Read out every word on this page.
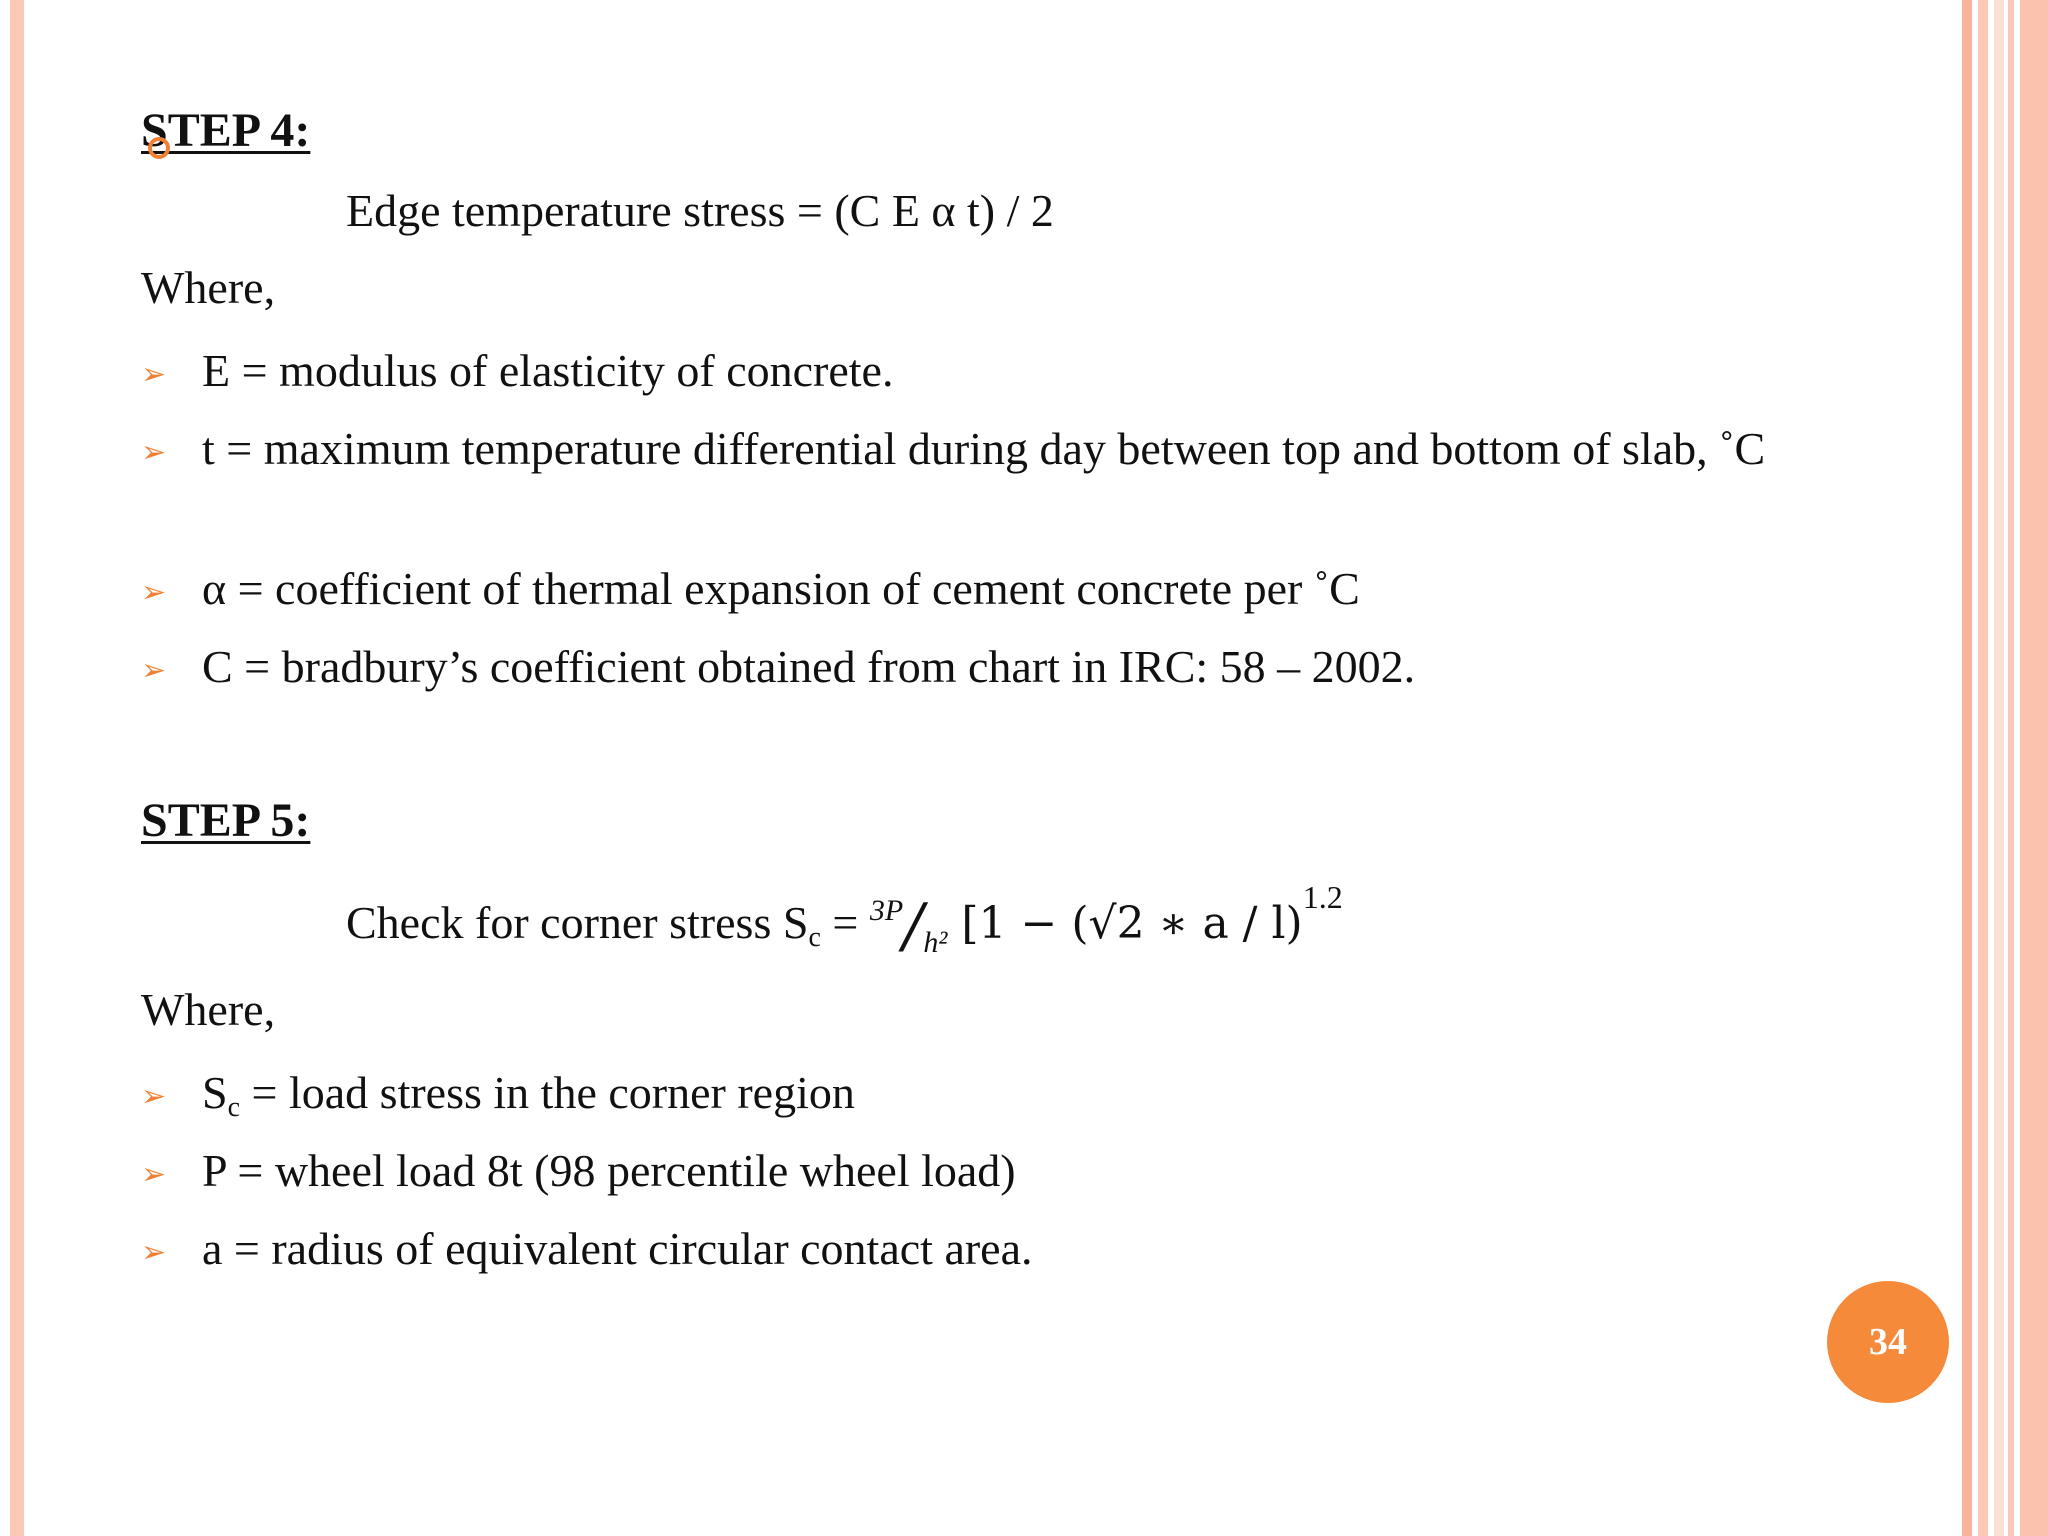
STEP 4:
Edge temperature stress = (C E α t) / 2
Where,
➢ E = modulus of elasticity of concrete.
➢ t = maximum temperature differential during day between top and bottom of slab, ˚C
➢ α = coefficient of thermal expansion of cement concrete per ˚C
➢ C = bradbury’s coefficient obtained from chart in IRC: 58 – 2002.
STEP 5:
Check for corner stress $S_c = ^{3P}/_{h^2}$ [1 − (√2 ∗ a / l)$^{1.2}$
Where,
➢ $S_c$ = load stress in the corner region
➢ P = wheel load 8t (98 percentile wheel load)
➢ a = radius of equivalent circular contact area.
34
